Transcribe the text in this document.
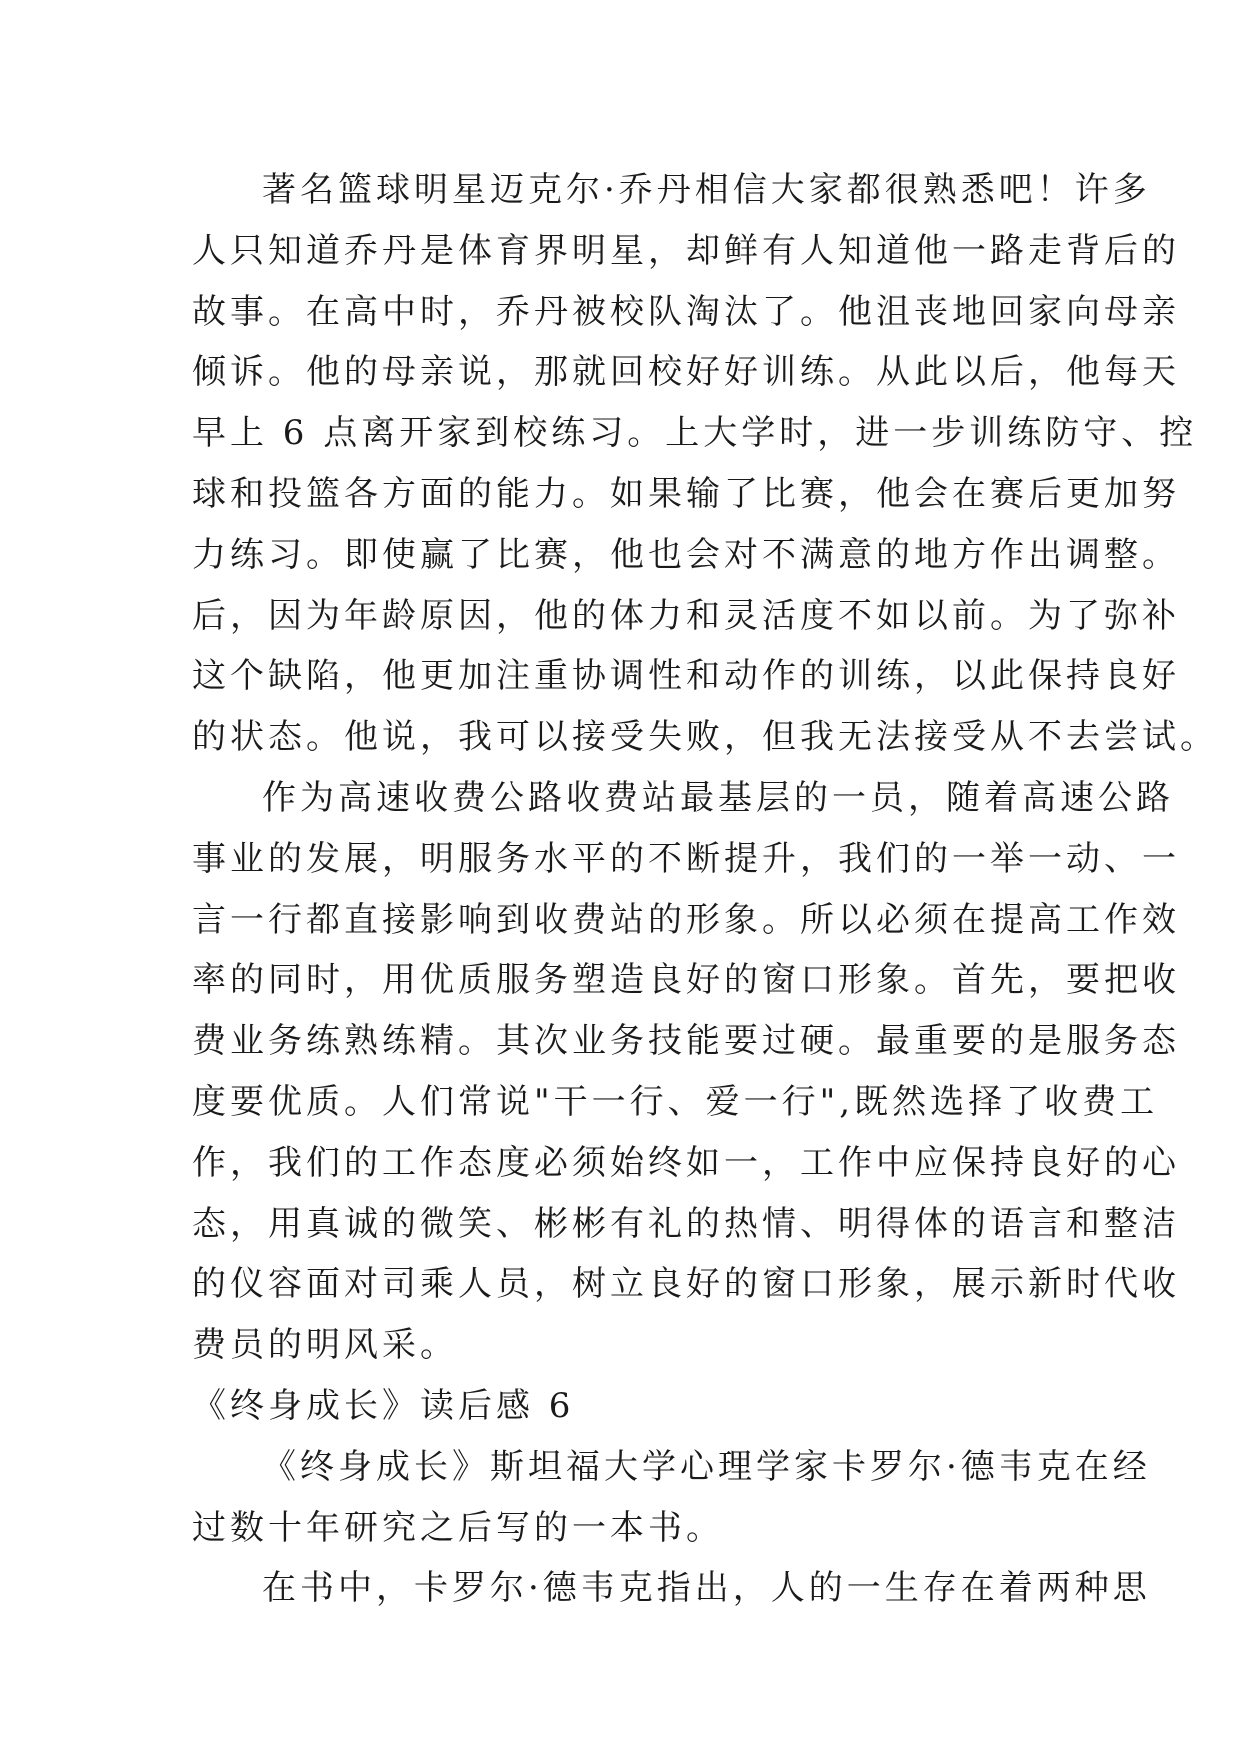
著名篮球明星迈克尔·乔丹相信大家都很熟悉吧！许多
人只知道乔丹是体育界明星，却鲜有人知道他一路走背后的
故事。在高中时，乔丹被校队淘汰了。他沮丧地回家向母亲
倾诉。他的母亲说，那就回校好好训练。从此以后，他每天
早上 6 点离开家到校练习。上大学时，进一步训练防守、控
球和投篮各方面的能力。如果输了比赛，他会在赛后更加努
力练习。即使赢了比赛，他也会对不满意的地方作出调整。
后，因为年龄原因，他的体力和灵活度不如以前。为了弥补
这个缺陷，他更加注重协调性和动作的训练，以此保持良好
的状态。他说，我可以接受失败，但我无法接受从不去尝试。
作为高速收费公路收费站最基层的一员，随着高速公路
事业的发展，明服务水平的不断提升，我们的一举一动、一
言一行都直接影响到收费站的形象。所以必须在提高工作效
率的同时，用优质服务塑造良好的窗口形象。首先，要把收
费业务练熟练精。其次业务技能要过硬。最重要的是服务态
度要优质。人们常说"干一行、爱一行",既然选择了收费工
作，我们的工作态度必须始终如一，工作中应保持良好的心
态，用真诚的微笑、彬彬有礼的热情、明得体的语言和整洁
的仪容面对司乘人员，树立良好的窗口形象，展示新时代收
费员的明风采。
《终身成长》读后感 6
《终身成长》斯坦福大学心理学家卡罗尔·德韦克在经
过数十年研究之后写的一本书。
在书中，卡罗尔·德韦克指出，人的一生存在着两种思
